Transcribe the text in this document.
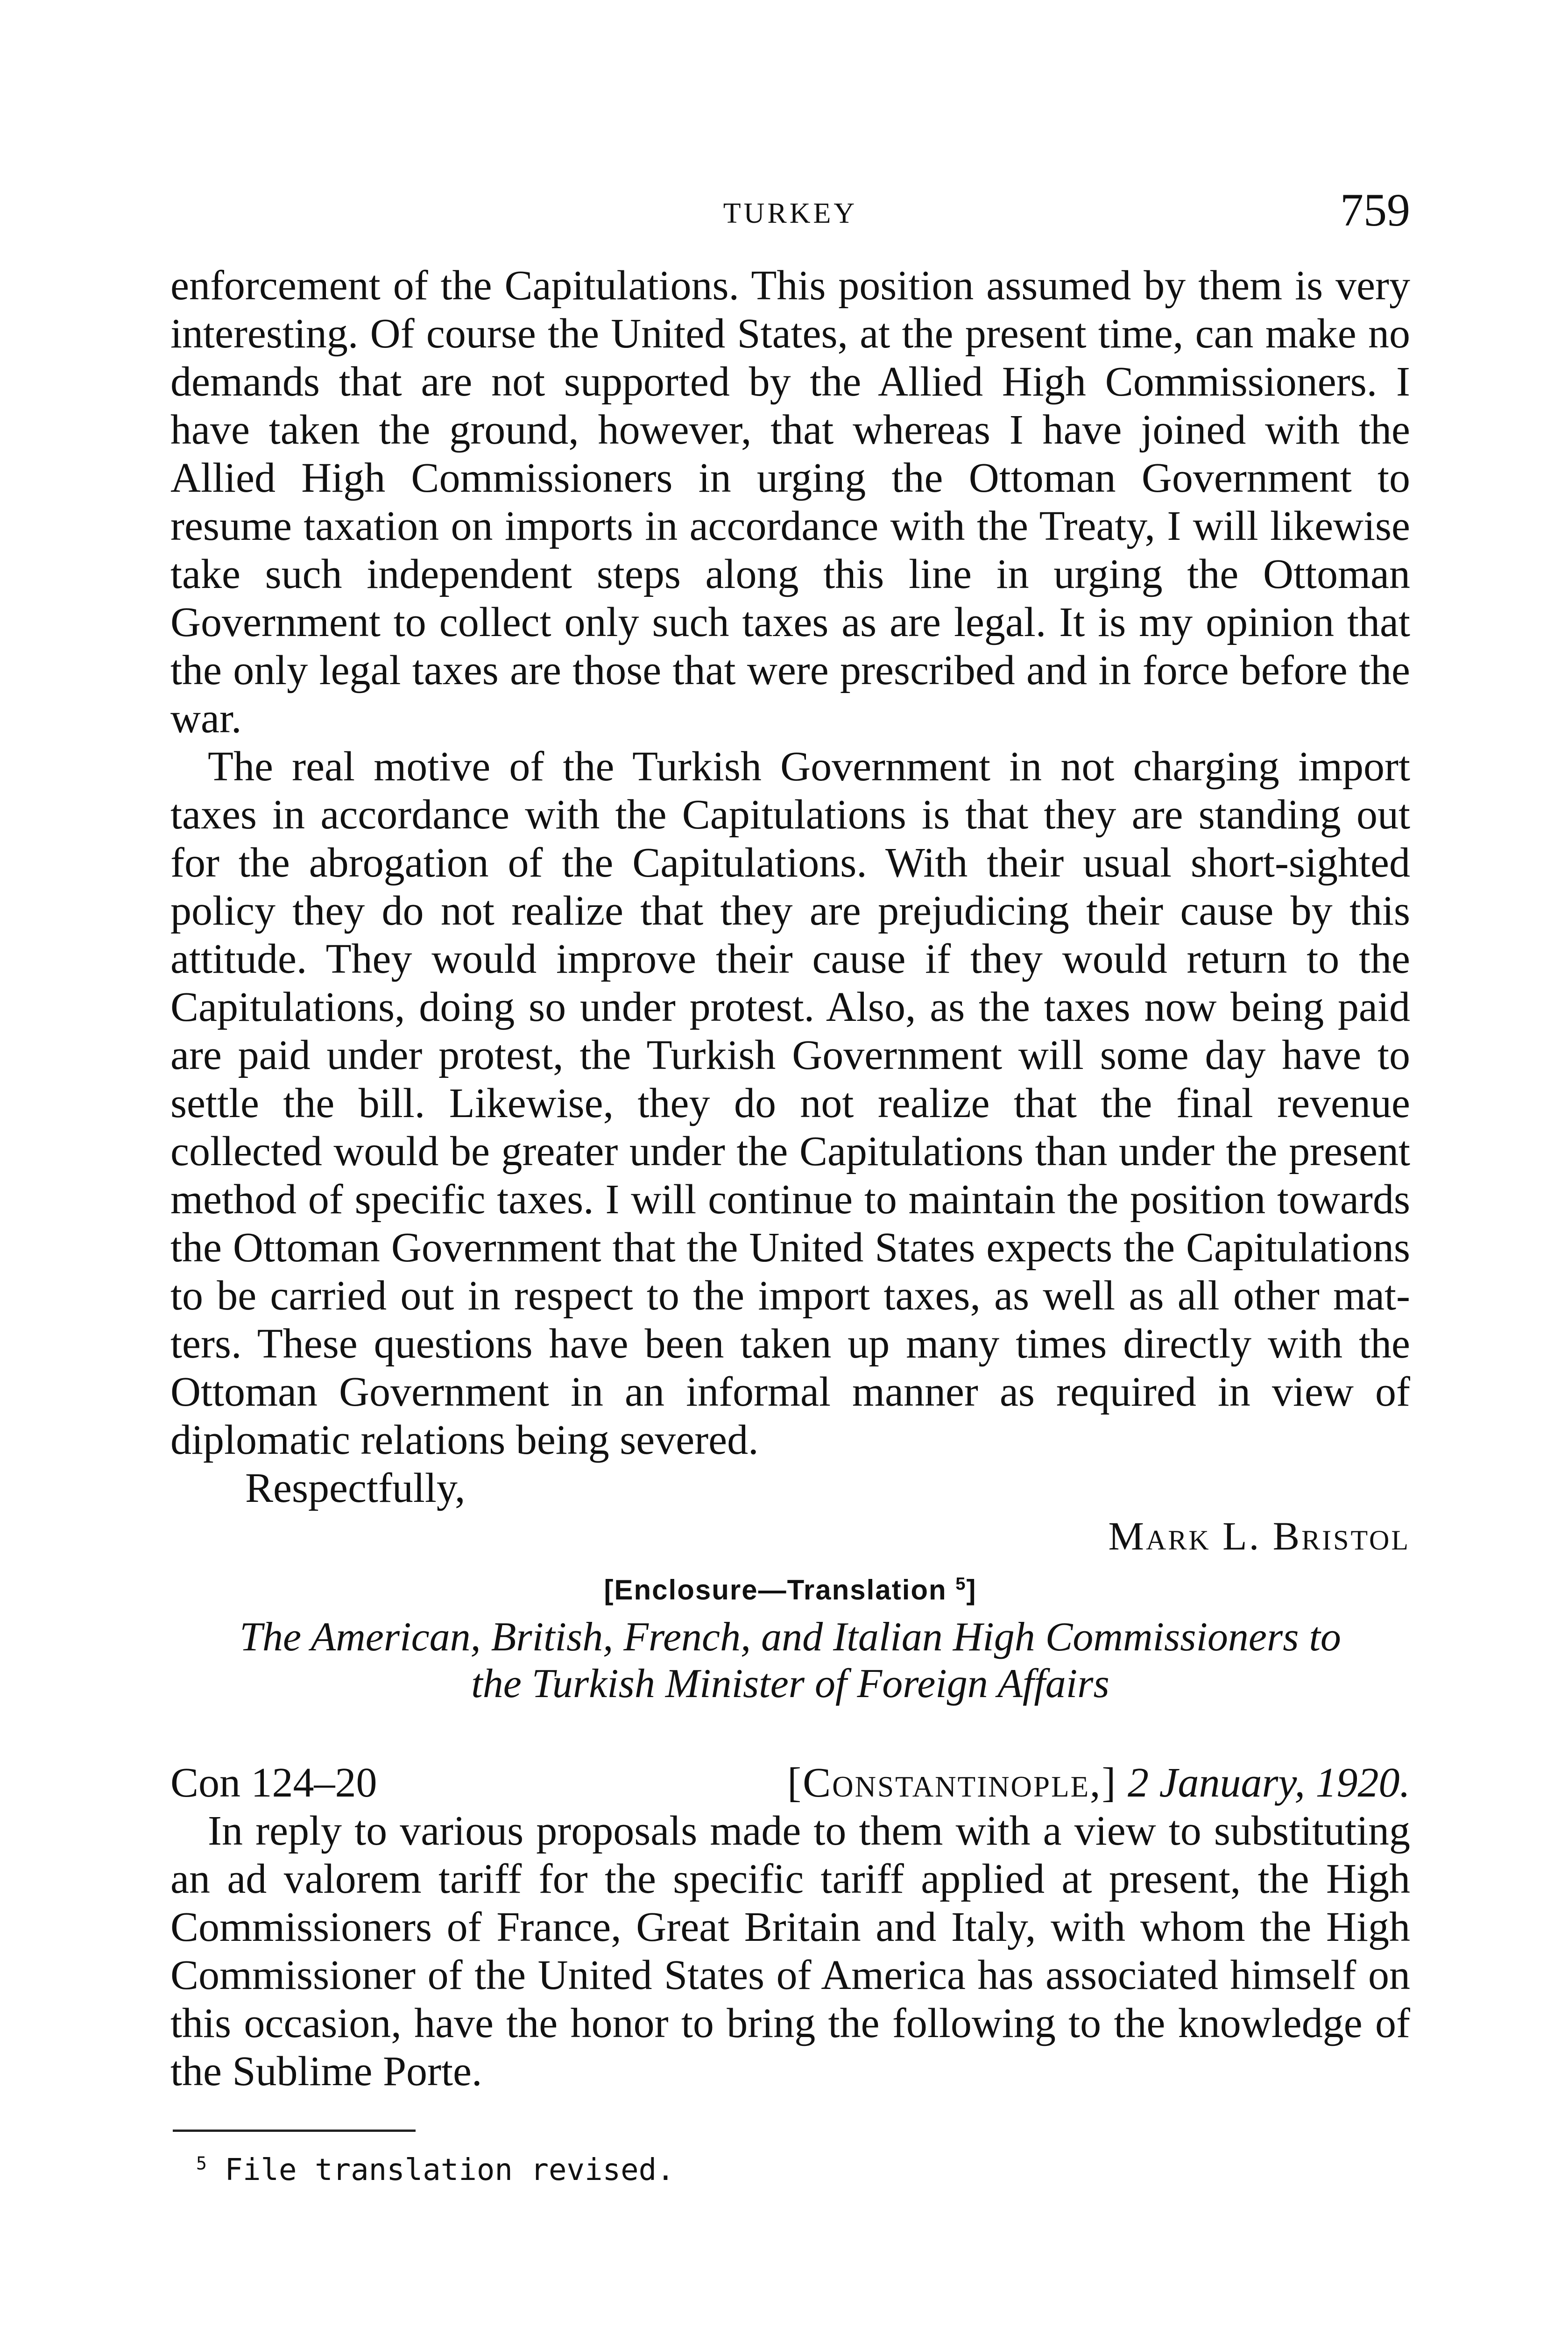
TURKEY	759

enforcement of the Capitulations. This position assumed by them is very interesting. Of course the United States, at the present time, can make no demands that are not supported by the Allied High Commissioners. I have taken the ground, however, that whereas I have joined with the Allied High Commissioners in urging the Ottoman Government to resume taxation on imports in accordance with the Treaty, I will likewise take such independent steps along this line in urging the Ottoman Government to collect only such taxes as are legal. It is my opinion that the only legal taxes are those that were prescribed and in force before the war.

The real motive of the Turkish Government in not charging import taxes in accordance with the Capitulations is that they are standing out for the abrogation of the Capitulations. With their usual short-sighted policy they do not realize that they are prejudicing their cause by this attitude. They would improve their cause if they would return to the Capitulations, doing so under protest. Also, as the taxes now being paid are paid under protest, the Turkish Government will some day have to settle the bill. Likewise, they do not realize that the final revenue collected would be greater under the Capitulations than under the present method of specific taxes. I will continue to maintain the position towards the Ottoman Government that the United States expects the Capitulations to be carried out in respect to the import taxes, as well as all other matters. These questions have been taken up many times directly with the Ottoman Government in an informal manner as required in view of diplomatic relations being severed.

Respectfully,

Mark L. Bristol

[Enclosure—Translation $^5$]

The American, British, French, and Italian High Commissioners to
the Turkish Minister of Foreign Affairs

Con 124–20	[Constantinople,] 2 January, 1920.

In reply to various proposals made to them with a view to substituting an ad valorem tariff for the specific tariff applied at present, the High Commissioners of France, Great Britain and Italy, with whom the High Commissioner of the United States of America has associated himself on this occasion, have the honor to bring the following to the knowledge of the Sublime Porte.

$^5$ File translation revised.
